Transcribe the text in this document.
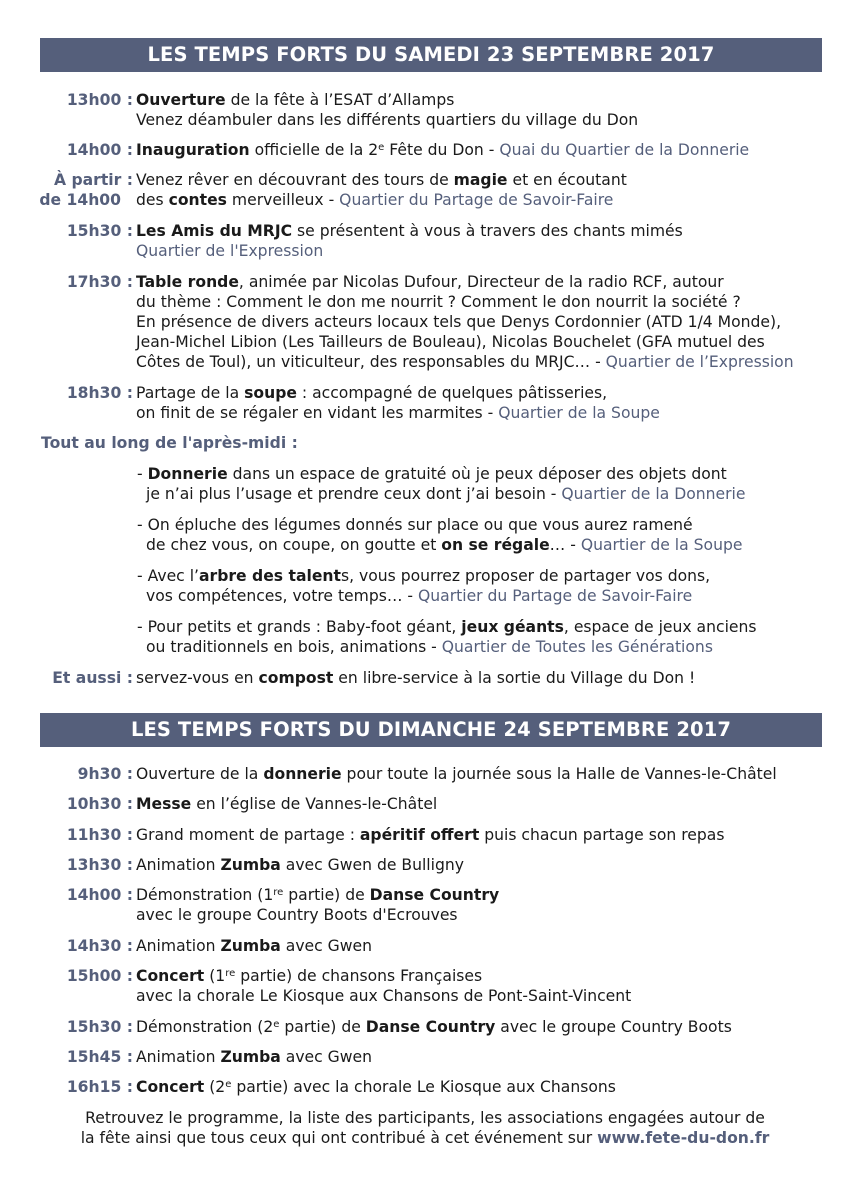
LES TEMPS FORTS DU SAMEDI 23 SEPTEMBRE 2017
13h00 : Ouverture de la fête à l’ESAT d’Allamps
Venez déambuler dans les différents quartiers du village du Don
14h00 : Inauguration officielle de la 2e Fête du Don - Quai du Quartier de la Donnerie
À partir :
de 14h00
Venez rêver en découvrant des tours de magie et en écoutant
des contes merveilleux - Quartier du Partage de Savoir-Faire
15h30 : Les Amis du MRJC se présentent à vous à travers des chants mimés
Quartier de l'Expression
17h30 : Table ronde, animée par Nicolas Dufour, Directeur de la radio RCF, autour
du thème : Comment le don me nourrit ? Comment le don nourrit la société ?
En présence de divers acteurs locaux tels que Denys Cordonnier (ATD 1/4 Monde),
Jean-Michel Libion (Les Tailleurs de Bouleau), Nicolas Bouchelet (GFA mutuel des
Côtes de Toul), un viticulteur, des responsables du MRJC… - Quartier de l’Expression
18h30 : Partage de la soupe : accompagné de quelques pâtisseries,
on finit de se régaler en vidant les marmites - Quartier de la Soupe
Tout au long de l'après-midi :
- Donnerie dans un espace de gratuité où je peux déposer des objets dont
je n’ai plus l’usage et prendre ceux dont j’ai besoin - Quartier de la Donnerie
- On épluche des légumes donnés sur place ou que vous aurez ramené
de chez vous, on coupe, on goutte et on se régale… - Quartier de la Soupe
- Avec l’arbre des talents, vous pourrez proposer de partager vos dons,
vos compétences, votre temps… - Quartier du Partage de Savoir-Faire
- Pour petits et grands : Baby-foot géant, jeux géants, espace de jeux anciens
ou traditionnels en bois, animations - Quartier de Toutes les Générations
Et aussi : servez-vous en compost en libre-service à la sortie du Village du Don !
LES TEMPS FORTS DU DIMANCHE 24 SEPTEMBRE 2017
9h30 : Ouverture de la donnerie pour toute la journée sous la Halle de Vannes-le-Châtel
10h30 : Messe en l’église de Vannes-le-Châtel
11h30 : Grand moment de partage : apéritif offert puis chacun partage son repas
13h30 : Animation Zumba avec Gwen de Bulligny
14h00 : Démonstration (1re partie) de Danse Country
avec le groupe Country Boots d'Ecrouves
14h30 : Animation Zumba avec Gwen
15h00 : Concert (1re partie) de chansons Françaises
avec la chorale Le Kiosque aux Chansons de Pont-Saint-Vincent
15h30 : Démonstration (2e partie) de Danse Country avec le groupe Country Boots
15h45 : Animation Zumba avec Gwen
16h15 : Concert (2e partie) avec la chorale Le Kiosque aux Chansons
Retrouvez le programme, la liste des participants, les associations engagées autour de
la fête ainsi que tous ceux qui ont contribué à cet événement sur www.fete-du-don.fr
